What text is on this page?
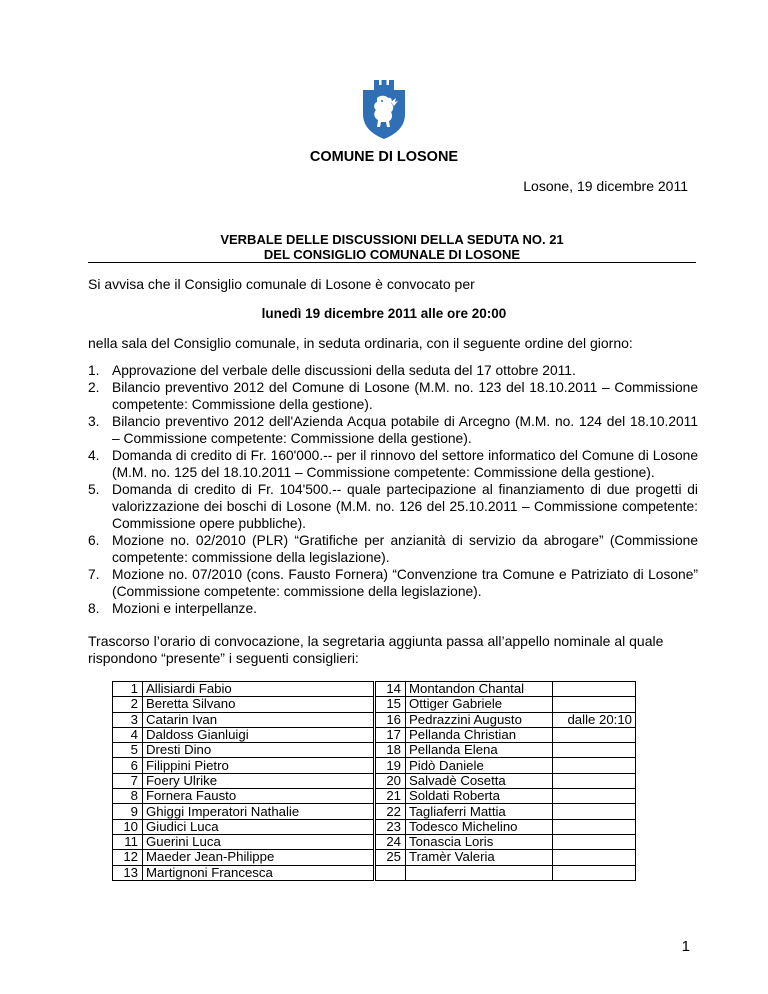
COMUNE DI LOSONE
Losone, 19 dicembre 2011
VERBALE DELLE DISCUSSIONI DELLA SEDUTA NO. 21
DEL CONSIGLIO COMUNALE DI LOSONE
Si avvisa che il Consiglio comunale di Losone è convocato per
lunedì 19 dicembre 2011 alle ore 20:00
nella sala del Consiglio comunale, in seduta ordinaria, con il seguente ordine del giorno:
1. Approvazione del verbale delle discussioni della seduta del 17 ottobre 2011.
2. Bilancio preventivo 2012 del Comune di Losone (M.M. no. 123 del 18.10.2011 – Commissione competente: Commissione della gestione).
3. Bilancio preventivo 2012 dell'Azienda Acqua potabile di Arcegno (M.M. no. 124 del 18.10.2011 – Commissione competente: Commissione della gestione).
4. Domanda di credito di Fr. 160'000.-- per il rinnovo del settore informatico del Comune di Losone (M.M. no. 125 del 18.10.2011 – Commissione competente: Commissione della gestione).
5. Domanda di credito di Fr. 104'500.-- quale partecipazione al finanziamento di due progetti di valorizzazione dei boschi di Losone (M.M. no. 126 del 25.10.2011 – Commissione competente: Commissione opere pubbliche).
6. Mozione no. 02/2010 (PLR) “Gratifiche per anzianità di servizio da abrogare” (Commissione competente: commissione della legislazione).
7. Mozione no. 07/2010 (cons. Fausto Fornera) “Convenzione tra Comune e Patriziato di Losone” (Commissione competente: commissione della legislazione).
8. Mozioni e interpellanze.
Trascorso l’orario di convocazione, la segretaria aggiunta passa all’appello nominale al quale rispondono “presente” i seguenti consiglieri:
1	Allisiardi Fabio
2	Beretta Silvano
3	Catarin Ivan
4	Daldoss Gianluigi
5	Dresti Dino
6	Filippini Pietro
7	Foery Ulrike
8	Fornera Fausto
9	Ghiggi Imperatori Nathalie
10	Giudici Luca
11	Guerini Luca
12	Maeder Jean-Philippe
13	Martignoni Francesca
14	Montandon Chantal	
15	Ottiger Gabriele	
16	Pedrazzini Augusto	dalle 20:10
17	Pellanda Christian	
18	Pellanda Elena	
19	Pidò Daniele	
20	Salvadè Cosetta	
21	Soldati Roberta	
22	Tagliaferri Mattia	
23	Todesco Michelino	
24	Tonascia Loris	
25	Tramèr Valeria	

1
